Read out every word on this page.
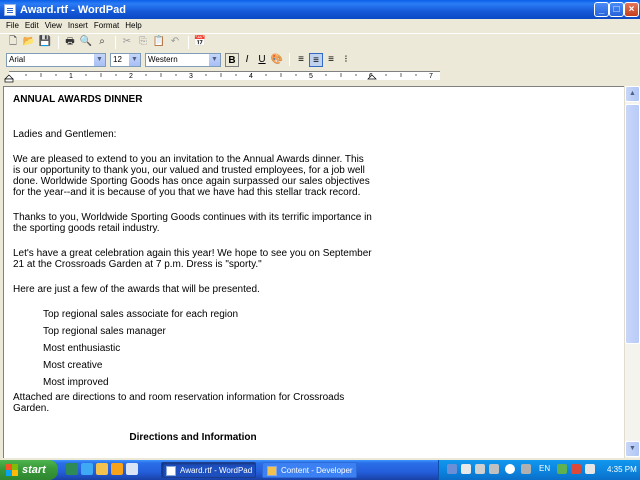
Award.rtf - WordPad	_ □ ×
File Edit View Insert Format Help
🗋 📂 💾 🖶 🔍 ⌕	✂ ⎘ 📋 ↶ 📅
Arial	▼	12 ▼	Western	▼	B	I U 🎨	≡ ≡ ≡	⁝
1	2	3	4	5	7
ANNUAL AWARDS DINNER
Ladies and Gentlemen:
We are pleased to extend to you an invitation to the Annual Awards dinner. This is our opportunity to thank you, our valued and trusted employees, for a job well done. Worldwide Sporting Goods has once again surpassed our sales objectives for the year--and it is because of you that we have had this stellar track record.
Thanks to you, Worldwide Sporting Goods continues with its terrific importance in the sporting goods retail industry.
Let's have a great celebration again this year! We hope to see you on September 21 at the Crossroads Garden at 7 p.m. Dress is "sporty."
Here are just a few of the awards that will be presented.
Top regional sales associate for each region
Top regional sales manager
Most enthusiastic
Most creative
Most improved
Attached are directions to and room reservation information for Crossroads Garden.
Directions and Information
▲
▼
start	Award.rtf - WordPad	Content - Developer	EN	4:35 PM
